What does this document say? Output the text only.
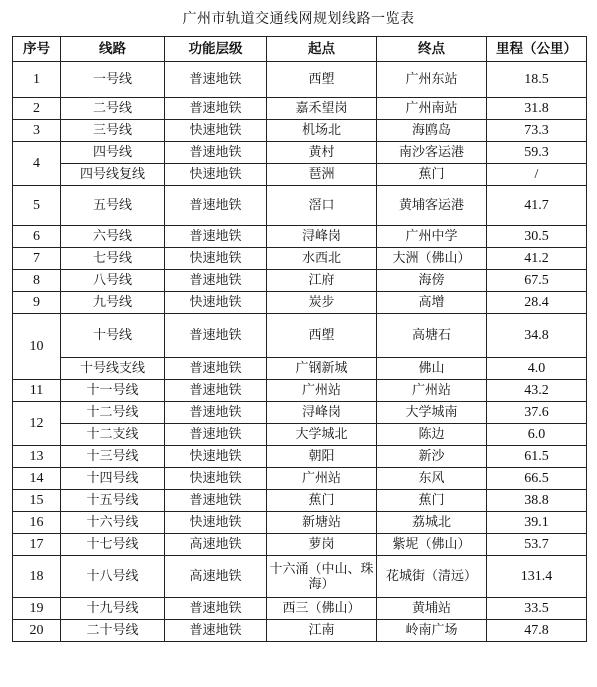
广州市轨道交通线网规划线路一览表
序号	线路	功能层级	起点	终点	里程（公里）
1	一号线	普速地铁	西塱	广州东站	18.5
2	二号线	普速地铁	嘉禾望岗	广州南站	31.8
3	三号线	快速地铁	机场北	海鸥岛	73.3
4	四号线	普速地铁	黄村	南沙客运港	59.3
	四号线复线	快速地铁	琶洲	蕉门	/
5	五号线	普速地铁	滘口	黄埔客运港	41.7
6	六号线	普速地铁	浔峰岗	广州中学	30.5
7	七号线	快速地铁	水西北	大洲（佛山）	41.2
8	八号线	普速地铁	江府	海傍	67.5
9	九号线	快速地铁	炭步	高增	28.4
10	十号线	普速地铁	西塱	高塘石	34.8
	十号线支线	普速地铁	广钢新城	佛山	4.0
11	十一号线	普速地铁	广州站	广州站	43.2
12	十二号线	普速地铁	浔峰岗	大学城南	37.6
	十二支线	普速地铁	大学城北	陈边	6.0
13	十三号线	快速地铁	朝阳	新沙	61.5
14	十四号线	快速地铁	广州站	东风	66.5
15	十五号线	普速地铁	蕉门	蕉门	38.8
16	十六号线	快速地铁	新塘站	荔城北	39.1
17	十七号线	高速地铁	萝岗	紫坭（佛山）	53.7
18	十八号线	高速地铁	十六涌（中山、珠海）	花城街（清远）	131.4
19	十九号线	普速地铁	西三（佛山）	黄埔站	33.5
20	二十号线	普速地铁	江南	岭南广场	47.8
